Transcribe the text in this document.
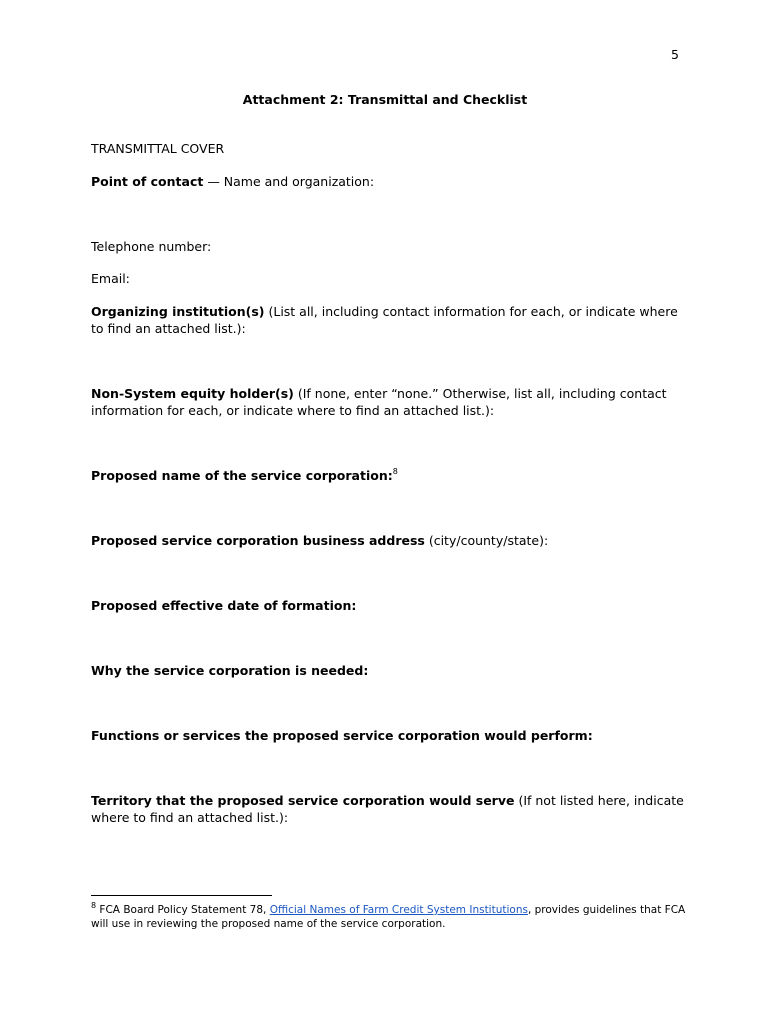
5
Attachment 2: Transmittal and Checklist
TRANSMITTAL COVER
Point of contact — Name and organization:
Telephone number:
Email:
Organizing institution(s) (List all, including contact information for each, or indicate where to find an attached list.):
Non-System equity holder(s) (If none, enter “none.” Otherwise, list all, including contact information for each, or indicate where to find an attached list.):
Proposed name of the service corporation:$^8$
Proposed service corporation business address (city/county/state):
Proposed effective date of formation:
Why the service corporation is needed:
Functions or services the proposed service corporation would perform:
Territory that the proposed service corporation would serve (If not listed here, indicate where to find an attached list.):
$^8$ FCA Board Policy Statement 78, Official Names of Farm Credit System Institutions, provides guidelines that FCA will use in reviewing the proposed name of the service corporation.
